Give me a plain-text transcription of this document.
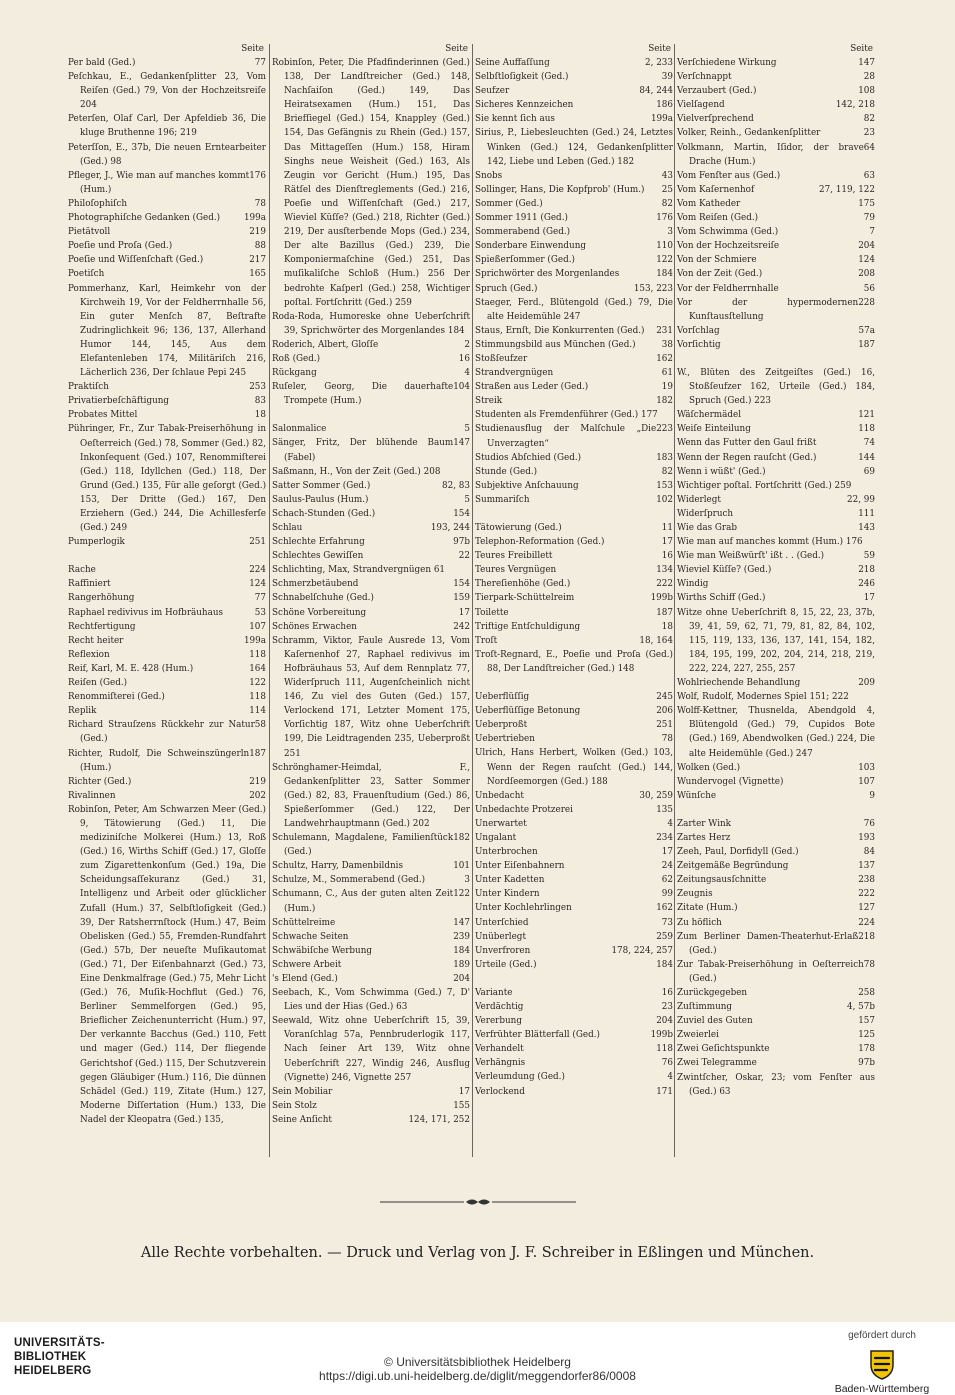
Seite
77
Per bald (Ged.)
Peſchkau, E., Gedankenſplitter 23, Vom Reiſen (Ged.) 79, Von der Hochzeitsreiſe 204
Peterſen, Olaf Carl, Der Apfeldieb 36, Die kluge Bruthenne 196; 219
Peterſſon, E., 37b, Die neuen Erntearbeiter (Ged.) 98
176
Pfleger, J., Wie man auf manches kommt (Hum.)
78
Philoſophiſch
199a
Photographiſche Gedanken (Ged.)
219
Pietätvoll
88
Poeſie und Proſa (Ged.)
217
Poeſie und Wiſſenſchaft (Ged.)
165
Poetiſch
Pommerhanz, Karl, Heimkehr von der Kirchweih 19, Vor der Feldherrnhalle 56, Ein guter Menſch 87, Beſtrafte Zudringlichkeit 96; 136, 137, Allerhand Humor 144, 145, Aus dem Elefantenleben 174, Militäriſch 216, Lächerlich 236, Der ſchlaue Pepi 245
253
Praktiſch
83
Privatierbeſchäftigung
18
Probates Mittel
Pühringer, Fr., Zur Tabak-Preiserhöhung in Oeſterreich (Ged.) 78, Sommer (Ged.) 82, Inkonſequent (Ged.) 107, Renommiſterei (Ged.) 118, Idyllchen (Ged.) 118, Der Grund (Ged.) 135, Für alle geſorgt (Ged.) 153, Der Dritte (Ged.) 167, Den Erziehern (Ged.) 244, Die Achillesferſe (Ged.) 249
251
Pumperlogik
224
Rache
124
Raffiniert
77
Rangerhöhung
53
Raphael redivivus im Hofbräuhaus
107
Rechtfertigung
199a
Recht heiter
118
Reflexion
164
Reif, Karl, M. E. 428 (Hum.)
122
Reiſen (Ged.)
118
Renommiſterei (Ged.)
114
Replik
58
Richard Strauſzens Rückkehr zur Natur (Ged.)
187
Richter, Rudolf, Die Schweinszüngerln (Hum.)
219
Richter (Ged.)
202
Rivalinnen
Robinſon, Peter, Am Schwarzen Meer (Ged.) 9, Tätowierung (Ged.) 11, Die mediziniſche Molkerei (Hum.) 13, Roß (Ged.) 16, Wirths Schiff (Ged.) 17, Gloſſe zum Zigarettenkonſum (Ged.) 19a, Die Scheidungsaſſekuranz (Ged.) 31, Intelligenz und Arbeit oder glücklicher Zufall (Hum.) 37, Selbſtloſigkeit (Ged.) 39, Der Ratsherrnſtock (Hum.) 47, Beim Obelisken (Ged.) 55, Fremden-Rundfahrt (Ged.) 57b, Der neueſte Muſikautomat (Ged.) 71, Der Eiſenbahnarzt (Ged.) 73, Eine Denkmalfrage (Ged.) 75, Mehr Licht (Ged.) 76, Muſik-Hochflut (Ged.) 76, Berliner Semmelforgen (Ged.) 95, Brieflicher Zeichenunterricht (Hum.) 97, Der verkannte Bacchus (Ged.) 110, Fett und mager (Ged.) 114, Der fliegende Gerichtshof (Ged.) 115, Der Schutzverein gegen Gläubiger (Hum.) 116, Die dünnen Schädel (Ged.) 119, Zitate (Hum.) 127, Moderne Diſſertation (Hum.) 133, Die Nadel der Kleopatra (Ged.) 135,
Seite
Robinſon, Peter, Die Pfadfinderinnen (Ged.) 138, Der Landſtreicher (Ged.) 148, Nachſaiſon (Ged.) 149, Das Heiratsexamen (Hum.) 151, Das Briefſiegel (Ged.) 154, Knappley (Ged.) 154, Das Gefängnis zu Rhein (Ged.) 157, Das Mittageſſen (Hum.) 158, Hiram Singhs neue Weisheit (Ged.) 163, Als Zeugin vor Gericht (Hum.) 195, Das Rätſel des Dienſtreglements (Ged.) 216, Poeſie und Wiſſenſchaft (Ged.) 217, Wieviel Küſſe? (Ged.) 218, Richter (Ged.) 219, Der ausſterbende Mops (Ged.) 234, Der alte Bazillus (Ged.) 239, Die Komponiermaſchine (Ged.) 251, Das muſikaliſche Schloß (Hum.) 256 Der bedrohte Kaſperl (Ged.) 258, Wichtiger poſtal. Fortſchritt (Ged.) 259
Roda-Roda, Humoreske ohne Ueberſchrift 39, Sprichwörter des Morgenlandes 184
2
Roderich, Albert, Gloſſe
16
Roß (Ged.)
4
Rückgang
104
Ruſeler, Georg, Die dauerhafte Trompete (Hum.)
5
Salonmalice
147
Sänger, Fritz, Der blühende Baum (Fabel)
Saßmann, H., Von der Zeit (Ged.) 208
82, 83
Satter Sommer (Ged.)
5
Saulus-Paulus (Hum.)
154
Schach-Stunden (Ged.)
193, 244
Schlau
97b
Schlechte Erfahrung
22
Schlechtes Gewiſſen
Schlichting, Max, Strandvergnügen 61
154
Schmerzbetäubend
159
Schnabelſchuhe (Ged.)
17
Schöne Vorbereitung
242
Schönes Erwachen
Schramm, Viktor, Faule Ausrede 13, Vom Kaſernenhof 27, Raphael redivivus im Hofbräuhaus 53, Auf dem Rennplatz 77, Widerſpruch 111, Augenſcheinlich nicht 146, Zu viel des Guten (Ged.) 157, Verlockend 171, Letzter Moment 175, Vorſichtig 187, Witz ohne Ueberſchrift 199, Die Leidtragenden 235, Ueberproßt 251
Schrönghamer-Heimdal, F., Gedankenſplitter 23, Satter Sommer (Ged.) 82, 83, Frauenſtudium (Ged.) 86, Spießerſommer (Ged.) 122, Der Landwehrhauptmann (Ged.) 202
182
Schulemann, Magdalene, Familienſtück (Ged.)
101
Schultz, Harry, Damenbildnis
3
Schulze, M., Sommerabend (Ged.)
122
Schumann, C., Aus der guten alten Zeit (Hum.)
147
Schüttelreime
239
Schwache Seiten
184
Schwäbiſche Werbung
189
Schwere Arbeit
204
's Elend (Ged.)
Seebach, K., Vom Schwimma (Ged.) 7, D' Lies und der Hias (Ged.) 63
Seewald, Witz ohne Ueberſchrift 15, 39, Voranſchlag 57a, Pennbruderlogik 117, Nach ſeiner Art 139, Witz ohne Ueberſchrift 227, Windig 246, Ausflug (Vignette) 246, Vignette 257
17
Sein Mobiliar
155
Sein Stolz
124, 171, 252
Seine Anſicht
Seite
2, 233
Seine Auffaſſung
39
Selbſtloſigkeit (Ged.)
84, 244
Seufzer
186
Sicheres Kennzeichen
199a
Sie kennt ſich aus
Sirius, P., Liebesleuchten (Ged.) 24, Letztes Winken (Ged.) 124, Gedankenſplitter 142, Liebe und Leben (Ged.) 182
43
Snobs
25
Sollinger, Hans, Die Kopfprob' (Hum.)
82
Sommer (Ged.)
176
Sommer 1911 (Ged.)
3
Sommerabend (Ged.)
110
Sonderbare Einwendung
122
Spießerſommer (Ged.)
184
Sprichwörter des Morgenlandes
153, 223
Spruch (Ged.)
Staeger, Ferd., Blütengold (Ged.) 79, Die alte Heidemühle 247
231
Staus, Ernſt, Die Konkurrenten (Ged.)
38
Stimmungsbild aus München (Ged.)
162
Stoßſeufzer
61
Strandvergnügen
19
Straßen aus Leder (Ged.)
182
Streik
Studenten als Fremdenführer (Ged.) 177
223
Studienausflug der Malſchule „Die Unverzagten“
183
Studios Abſchied (Ged.)
82
Stunde (Ged.)
153
Subjektive Anſchauung
102
Summariſch
11
Tätowierung (Ged.)
17
Telephon-Reformation (Ged.)
16
Teures Freibillett
134
Teures Vergnügen
222
Thereſienhöhe (Ged.)
199b
Tierpark-Schüttelreim
187
Toilette
18
Triftige Entſchuldigung
18, 164
Troſt
Troſt-Regnard, E., Poeſie und Proſa (Ged.) 88, Der Landſtreicher (Ged.) 148
245
Ueberflüſſig
206
Ueberflüſſige Betonung
251
Ueberproßt
78
Uebertrieben
Ulrich, Hans Herbert, Wolken (Ged.) 103, Wenn der Regen rauſcht (Ged.) 144, Nordſeemorgen (Ged.) 188
30, 259
Unbedacht
135
Unbedachte Protzerei
4
Unerwartet
234
Ungalant
17
Unterbrochen
24
Unter Eiſenbahnern
62
Unter Kadetten
99
Unter Kindern
162
Unter Kochlehrlingen
73
Unterſchied
259
Unüberlegt
178, 224, 257
Unverfroren
184
Urteile (Ged.)
16
Variante
23
Verdächtig
204
Vererbung
199b
Verfrühter Blätterfall (Ged.)
118
Verhandelt
76
Verhängnis
4
Verleumdung (Ged.)
171
Verlockend
Seite
147
Verſchiedene Wirkung
28
Verſchnappt
108
Verzaubert (Ged.)
142, 218
Vielſagend
82
Vielverſprechend
23
Volker, Reinh., Gedankenſplitter
64
Volkmann, Martin, Iſidor, der brave Drache (Hum.)
63
Vom Fenſter aus (Ged.)
27, 119, 122
Vom Kaſernenhof
175
Vom Katheder
79
Vom Reiſen (Ged.)
7
Vom Schwimma (Ged.)
204
Von der Hochzeitsreiſe
124
Von der Schmiere
208
Von der Zeit (Ged.)
56
Vor der Feldherrnhalle
228
Vor der hypermodernen Kunſtausſtellung
57a
Vorſchlag
187
Vorſichtig
W., Blüten des Zeitgeiſtes (Ged.) 16, Stoßſeufzer 162, Urteile (Ged.) 184, Spruch (Ged.) 223
121
Wäſchermädel
118
Weiſe Einteilung
74
Wenn das Futter den Gaul frißt
144
Wenn der Regen rauſcht (Ged.)
69
Wenn i wüßt' (Ged.)
Wichtiger poſtal. Fortſchritt (Ged.) 259
22, 99
Widerlegt
111
Widerſpruch
143
Wie das Grab
Wie man auf manches kommt (Hum.) 176
59
Wie man Weißwürſt' ißt . . (Ged.)
218
Wieviel Küſſe? (Ged.)
246
Windig
17
Wirths Schiff (Ged.)
Witze ohne Ueberſchrift 8, 15, 22, 23, 37b, 39, 41, 59, 62, 71, 79, 81, 82, 84, 102, 115, 119, 133, 136, 137, 141, 154, 182, 184, 195, 199, 202, 204, 214, 218, 219, 222, 224, 227, 255, 257
209
Wohlriechende Behandlung
Wolf, Rudolf, Modernes Spiel 151; 222
Wolff-Kettner, Thusnelda, Abendgold 4, Blütengold (Ged.) 79, Cupidos Bote (Ged.) 169, Abendwolken (Ged.) 224, Die alte Heidemühle (Ged.) 247
103
Wolken (Ged.)
107
Wundervogel (Vignette)
9
Wünſche
76
Zarter Wink
193
Zartes Herz
84
Zeeh, Paul, Dorfidyll (Ged.)
137
Zeitgemäße Begründung
238
Zeitungsausſchnitte
222
Zeugnis
127
Zitate (Hum.)
224
Zu höflich
218
Zum Berliner Damen-Theaterhut-Erlaß (Ged.)
78
Zur Tabak-Preiserhöhung in Oeſterreich (Ged.)
258
Zurückgegeben
4, 57b
Zuſtimmung
157
Zuviel des Guten
125
Zweierlei
178
Zwei Geſichtspunkte
97b
Zwei Telegramme
Zwintſcher, Oskar, 23; vom Fenſter aus (Ged.) 63
Alle Rechte vorbehalten. — Druck und Verlag von J. F. Schreiber in Eßlingen und München.
UNIVERSITÄTS-
BIBLIOTHEK
HEIDELBERG
© Universitätsbibliothek Heidelberg
https://digi.ub.uni-heidelberg.de/diglit/meggendorfer86/0008
gefördert durch
Baden-Württemberg
